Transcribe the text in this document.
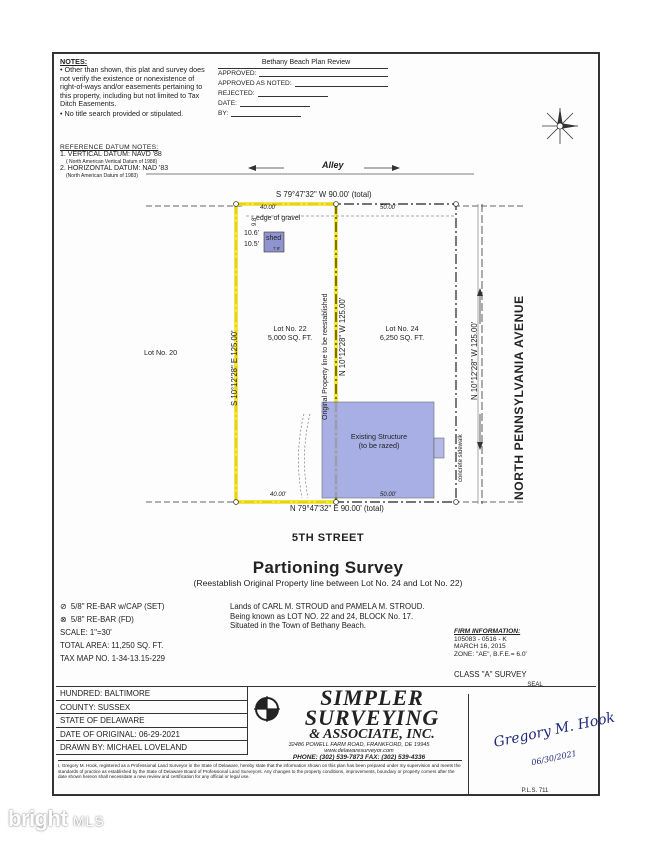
NOTES:
• Other than shown, this plat and survey does not verify the existence or nonexistence of right-of-ways and/or easements pertaining to this property, including but not limited to Tax Ditch Easements.
• No title search provided or stipulated.
REFERENCE DATUM NOTES:
1. VERTICAL DATUM: NAVD '88
( North American Vertical Datum of 1988)
2. HORIZONTAL DATUM: NAD '83
(North American Datum of 1983)
Bethany Beach Plan Review
APPROVED:
APPROVED AS NOTED:
REJECTED:
DATE:
BY:
Alley
S 79°47'32" W 90.00' (total)
40.00'	50.00'
edge of gravel
9.8'
10.6'
10.5'
shed
7.9'
Lot No. 22
5,000 SQ. FT.
Lot No. 24
6,250 SQ. FT.
Lot No. 20	S 10°12'28" E 125.00'	Original Property line to be reestablished N 10°12'28" W 125.00'	N 10°12'28" W 125.00'
Existing Structure
(to be razed)	concrete sidewalk	NORTH PENNSYLVANIA AVENUE
40.00'	50.00'
N 79°47'32" E 90.00' (total)
5TH STREET
Partioning Survey
(Reestablish Original Property line between Lot No. 24 and Lot No. 22)
⊘ 5/8" RE-BAR w/CAP (SET)
⊗ 5/8" RE-BAR (FD)
SCALE: 1"=30'
TOTAL AREA: 11,250 SQ. FT.
TAX MAP NO. 1-34-13.15-229
Lands of CARL M. STROUD and PAMELA M. STROUD.
Being known as LOT NO. 22 and 24, BLOCK No. 17.
Situated in the Town of Bethany Beach.
FIRM INFORMATION:
105083 - 0516 - K
MARCH 16, 2015
ZONE: "AE", B.F.E.= 6.0'
CLASS "A" SURVEY
HUNDRED: BALTIMORE
COUNTY: SUSSEX
STATE OF DELAWARE
DATE OF ORIGINAL: 06-29-2021
DRAWN BY: MICHAEL LOVELAND
SIMPLER
SURVEYING
& ASSOCIATE, INC.
32486 POWELL FARM ROAD, FRANKFORD, DE 19945
www.delawaresurveyor.com
PHONE: (302) 539-7873 FAX: (302) 539-4336
SEAL
Gregory M. Hook
06/30/2021
P.L.S. 711
I, Gregory M. Hook, registered as a Professional Land Surveyor in the State of Delaware, hereby state that the information shown on this plan has been prepared under my supervision and meets the standards of practice as established by the State of Delaware Board of Professional Land Surveyors. Any changes to the property conditions, improvements, boundary or property corners after the date shown hereon shall necessitate a new review and certification for any official or legal use.
bright MLS
